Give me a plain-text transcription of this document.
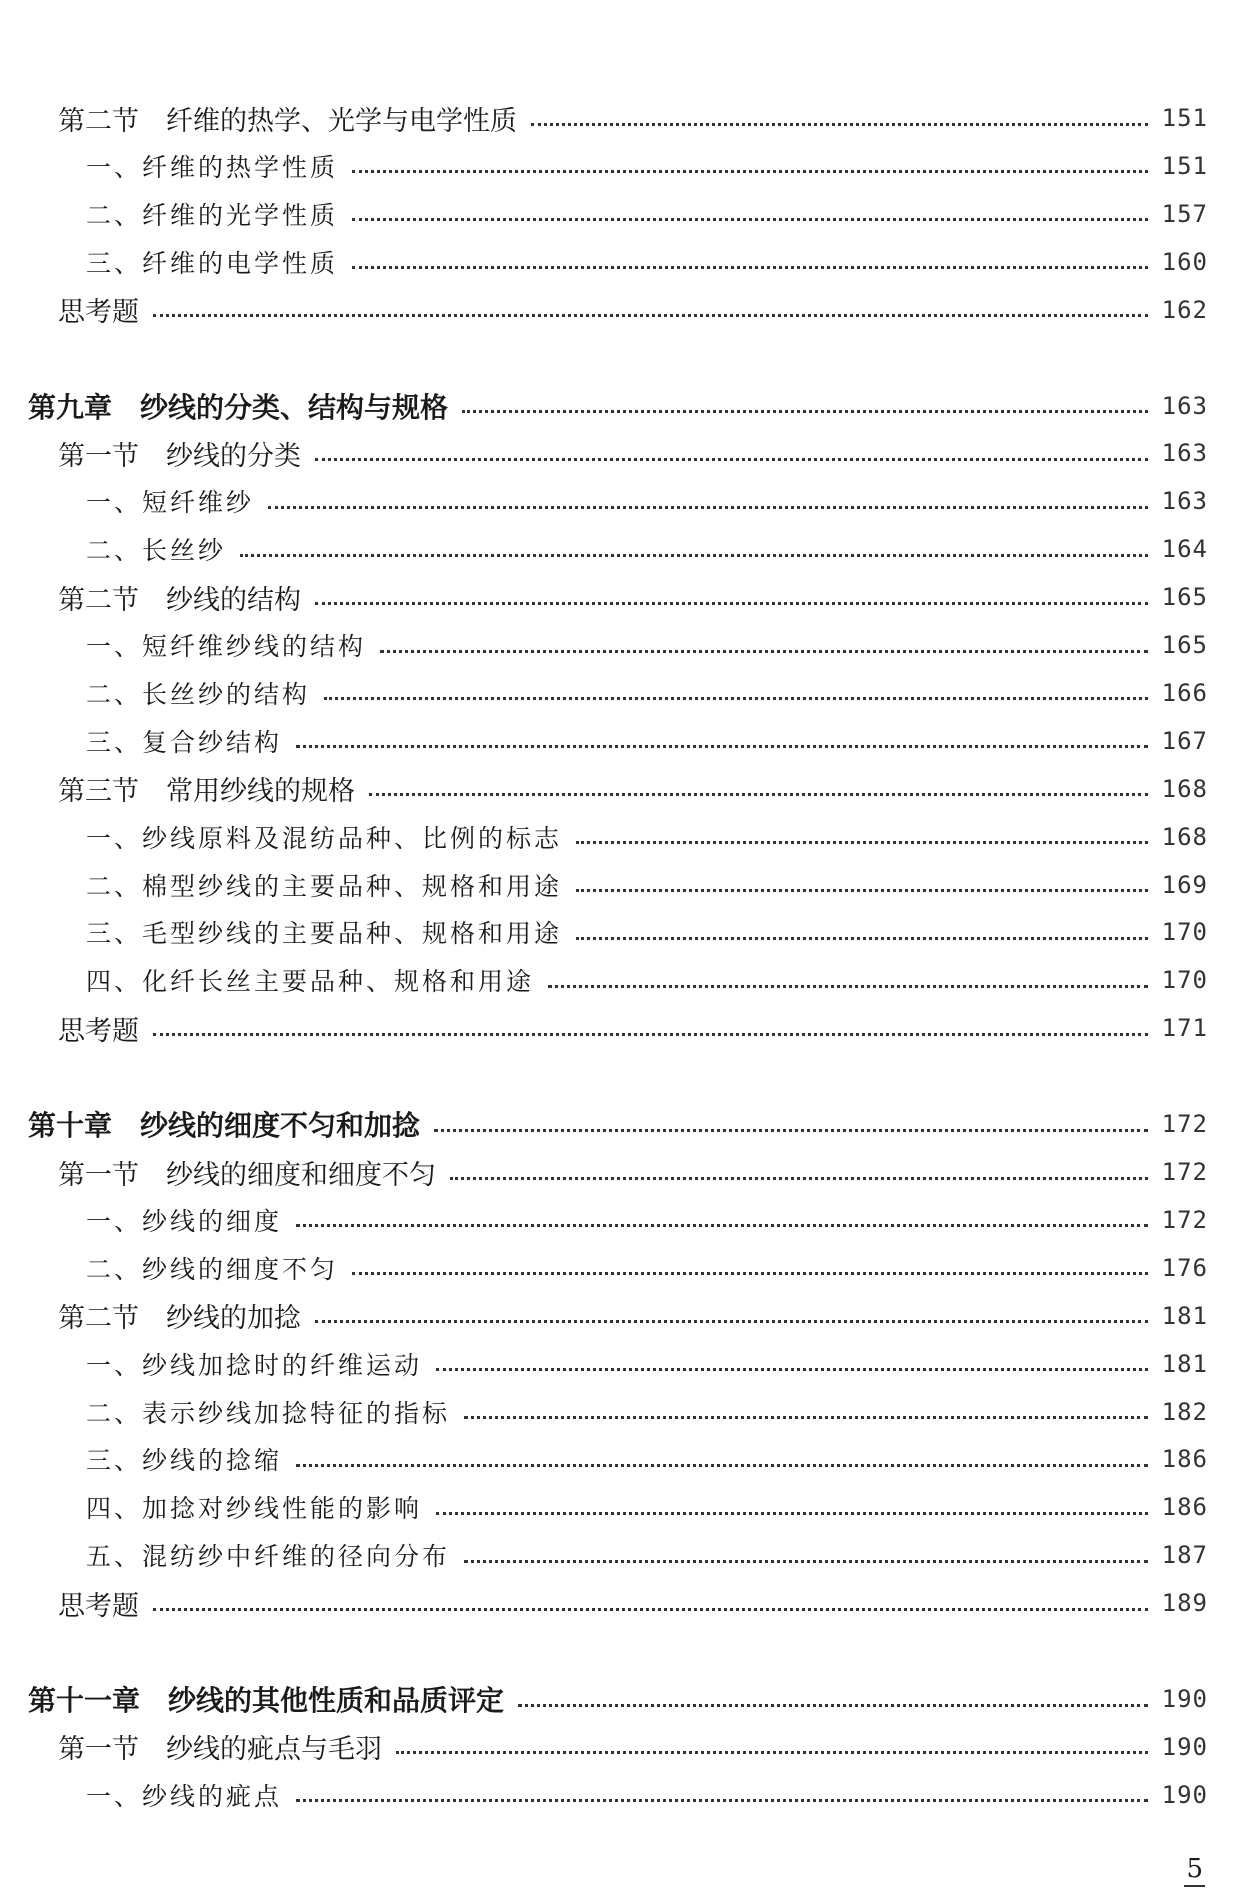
第二节　纤维的热学、光学与电学性质	151
一、纤维的热学性质	151
二、纤维的光学性质	157
三、纤维的电学性质	160
思考题	162
第九章　纱线的分类、结构与规格	163
第一节　纱线的分类	163
一、短纤维纱	163
二、长丝纱	164
第二节　纱线的结构	165
一、短纤维纱线的结构	165
二、长丝纱的结构	166
三、复合纱结构	167
第三节　常用纱线的规格	168
一、纱线原料及混纺品种、比例的标志	168
二、棉型纱线的主要品种、规格和用途	169
三、毛型纱线的主要品种、规格和用途	170
四、化纤长丝主要品种、规格和用途	170
思考题	171
第十章　纱线的细度不匀和加捻	172
第一节　纱线的细度和细度不匀	172
一、纱线的细度	172
二、纱线的细度不匀	176
第二节　纱线的加捻	181
一、纱线加捻时的纤维运动	181
二、表示纱线加捻特征的指标	182
三、纱线的捻缩	186
四、加捻对纱线性能的影响	186
五、混纺纱中纤维的径向分布	187
思考题	189
第十一章　纱线的其他性质和品质评定	190
第一节　纱线的疵点与毛羽	190
一、纱线的疵点	190
5
